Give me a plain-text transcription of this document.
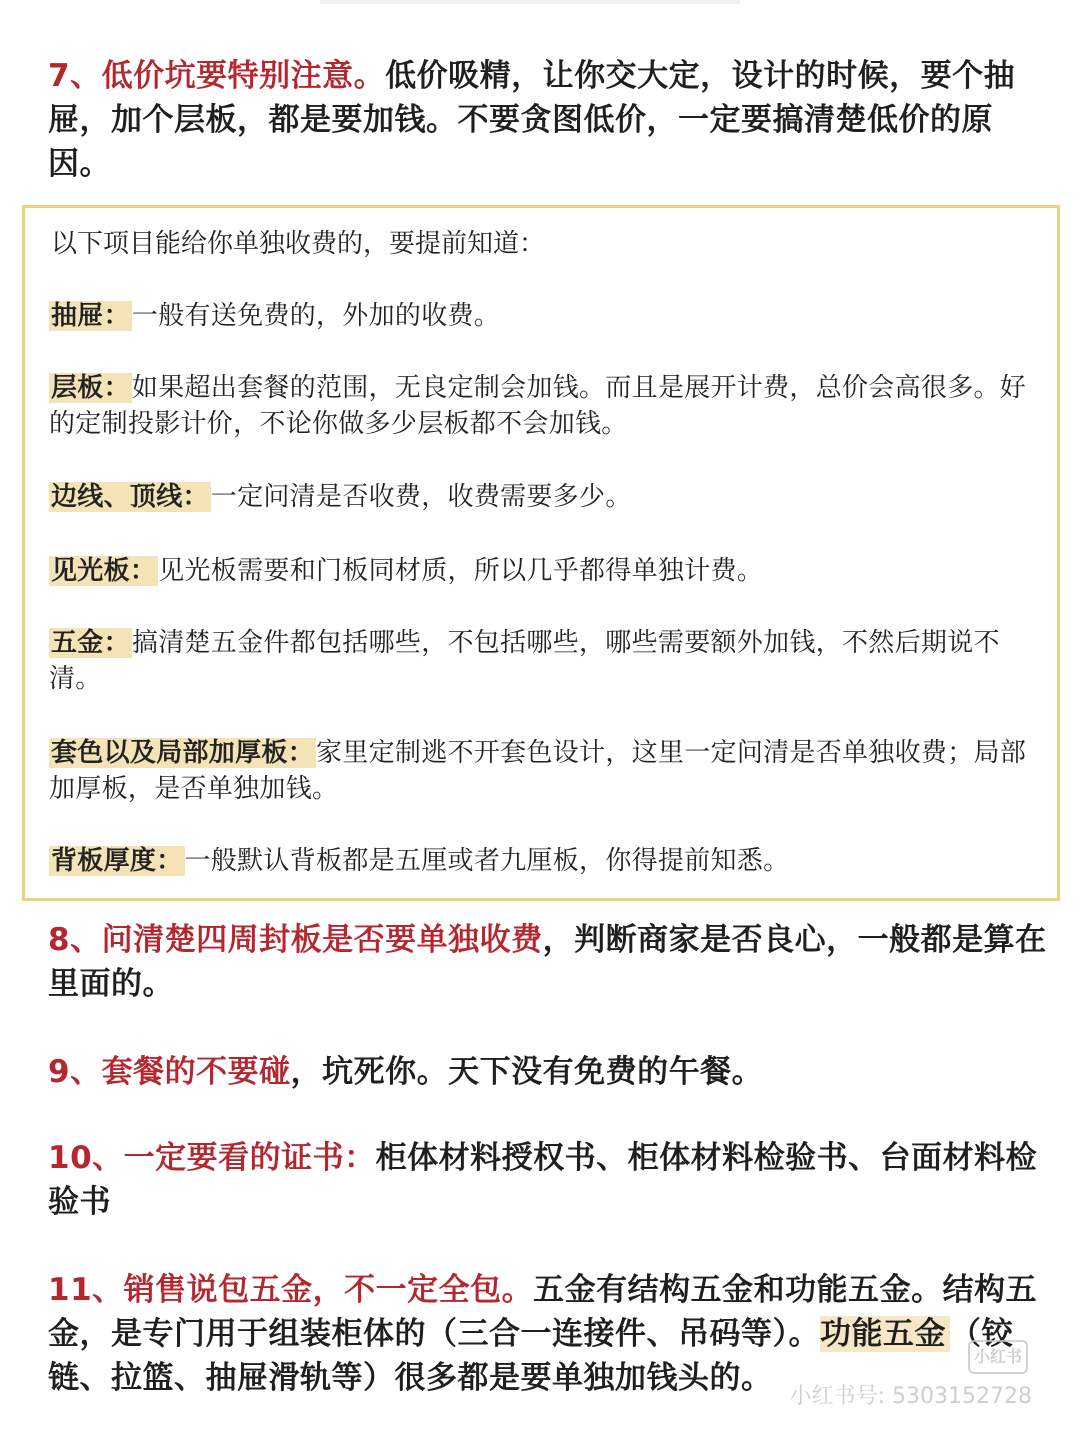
7、低价坑要特别注意。低价吸精，让你交大定，设计的时候，要个抽屉，加个层板，都是要加钱。不要贪图低价，一定要搞清楚低价的原因。
以下项目能给你单独收费的，要提前知道：
抽屉：一般有送免费的，外加的收费。
层板：如果超出套餐的范围，无良定制会加钱。而且是展开计费，总价会高很多。好的定制投影计价，不论你做多少层板都不会加钱。
边线、顶线：一定问清是否收费，收费需要多少。
见光板：见光板需要和门板同材质，所以几乎都得单独计费。
五金：搞清楚五金件都包括哪些，不包括哪些，哪些需要额外加钱，不然后期说不清。
套色以及局部加厚板：家里定制逃不开套色设计，这里一定问清是否单独收费；局部加厚板，是否单独加钱。
背板厚度：一般默认背板都是五厘或者九厘板，你得提前知悉。
8、问清楚四周封板是否要单独收费，判断商家是否良心，一般都是算在里面的。
9、套餐的不要碰，坑死你。天下没有免费的午餐。
10、一定要看的证书：柜体材料授权书、柜体材料检验书、台面材料检验书
11、销售说包五金，不一定全包。五金有结构五金和功能五金。结构五金，是专门用于组装柜体的（三合一连接件、吊码等）。功能五金 （铰链、拉篮、抽屉滑轨等）很多都是要单独加钱头的。
小红书
小红书号: 5303152728
